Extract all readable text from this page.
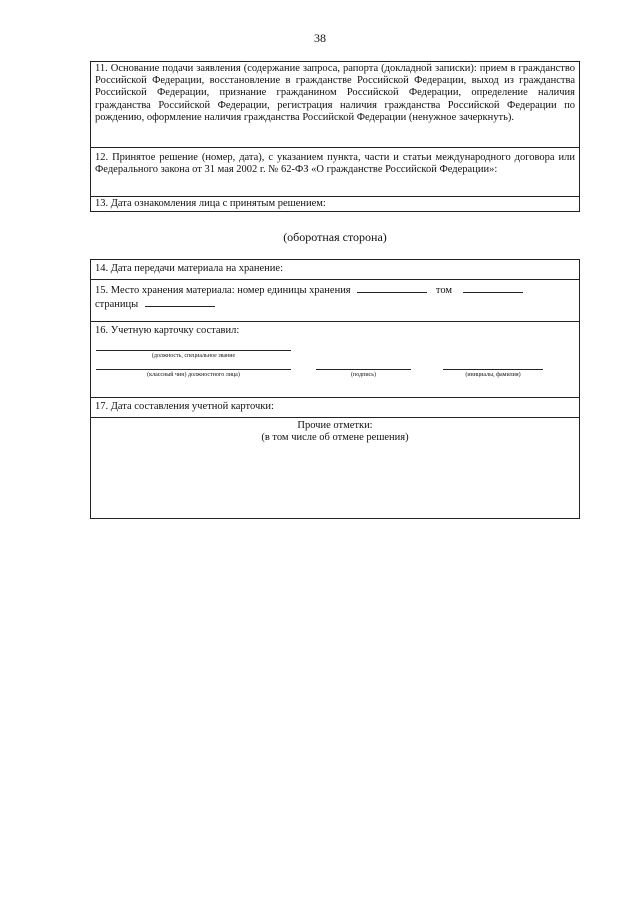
38
11. Основание подачи заявления (содержание запроса, рапорта (докладной записки): прием в гражданство Российской Федерации, восстановление в гражданстве Российской Федерации, выход из гражданства Российской Федерации, признание гражданином Российской Федерации, определение наличия гражданства Российской Федерации, регистрация наличия гражданства Российской Федерации по рождению, оформление наличия гражданства Российской Федерации (ненужное зачеркнуть).
12. Принятое решение (номер, дата), с указанием пункта, части и статьи международного договора или Федерального закона от 31 мая 2002 г. № 62-ФЗ «О гражданстве Российской Федерации»:
13. Дата ознакомления лица с принятым решением:
(оборотная сторона)
14. Дата передачи материала на хранение:
15. Место хранения материала: номер единицы хранения	том
страницы
16. Учетную карточку составил:
(должность, специальное звание
(классный чин) должностного лица)	(подпись)	(инициалы, фамилия)
17. Дата составления учетной карточки:
Прочие отметки:
(в том числе об отмене решения)
